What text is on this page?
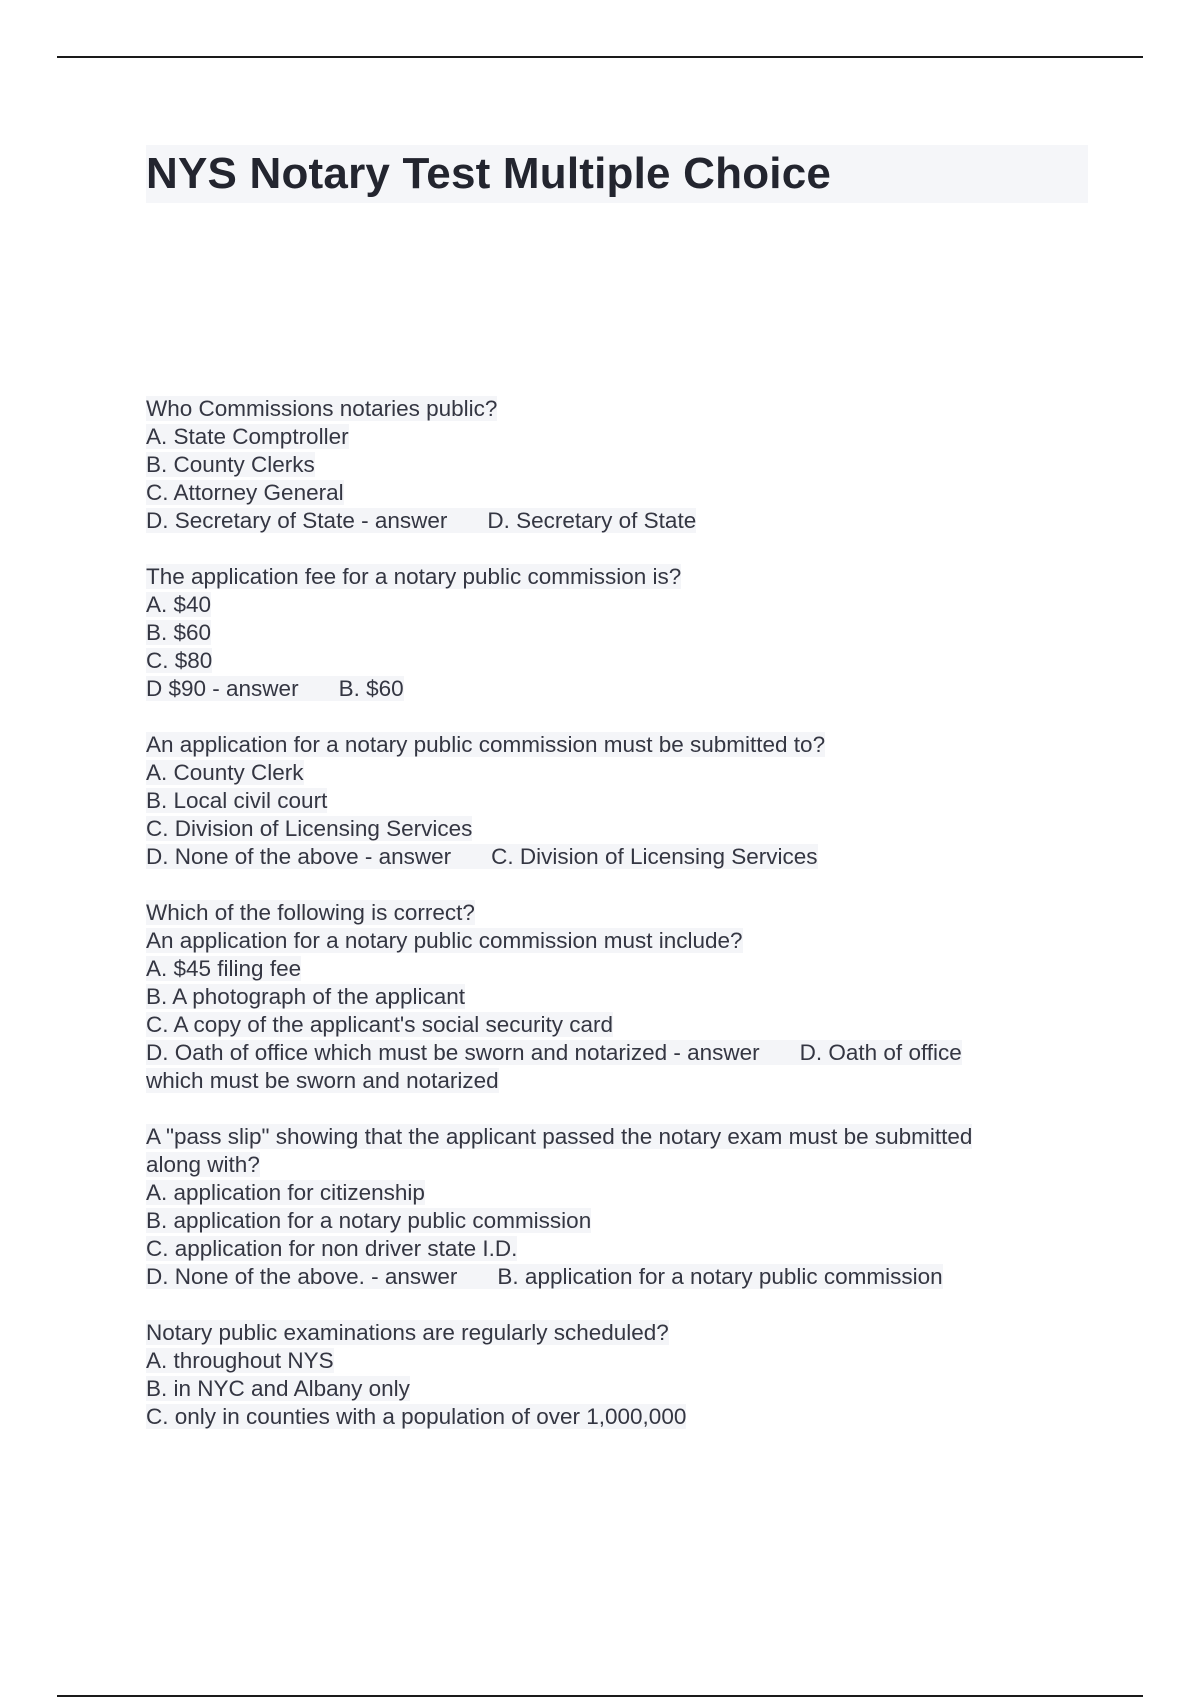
NYS Notary Test Multiple Choice
Who Commissions notaries public?
A. State Comptroller
B. County Clerks
C. Attorney General
D. Secretary of State - answer D. Secretary of State
The application fee for a notary public commission is?
A. $40
B. $60
C. $80
D $90 - answer B. $60
An application for a notary public commission must be submitted to?
A. County Clerk
B. Local civil court
C. Division of Licensing Services
D. None of the above - answer C. Division of Licensing Services
Which of the following is correct?
An application for a notary public commission must include?
A. $45 filing fee
B. A photograph of the applicant
C. A copy of the applicant's social security card
D. Oath of office which must be sworn and notarized - answer D. Oath of office
which must be sworn and notarized
A "pass slip" showing that the applicant passed the notary exam must be submitted
along with?
A. application for citizenship
B. application for a notary public commission
C. application for non driver state I.D.
D. None of the above. - answer B. application for a notary public commission
Notary public examinations are regularly scheduled?
A. throughout NYS
B. in NYC and Albany only
C. only in counties with a population of over 1,000,000
